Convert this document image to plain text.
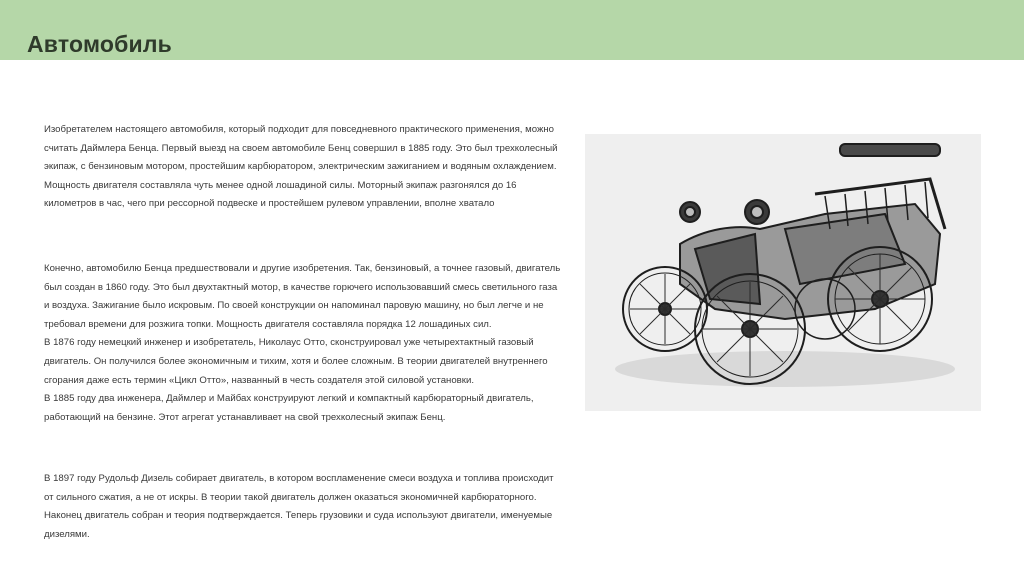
Автомобиль

Изобретателем настоящего автомобиля, который подходит для повседневного практического применения, можно считать Даймлера Бенца. Первый выезд на своем автомобиле Бенц совершил в 1885 году. Это был трехколесный экипаж, с бензиновым мотором, простейшим карбюратором, электрическим зажиганием и водяным охлаждением. Мощность двигателя составляла чуть менее одной лошадиной силы. Моторный экипаж разгонялся до 16 километров в час, чего при рессорной подвеске и простейшем рулевом управлении, вполне хватало

Конечно, автомобилю Бенца предшествовали и другие изобретения. Так, бензиновый, а точнее газовый, двигатель был создан в 1860 году. Это был двухтактный мотор, в качестве горючего использовавший смесь светильного газа и воздуха. Зажигание было искровым. По своей конструкции он напоминал паровую машину, но был легче и не требовал времени для розжига топки. Мощность двигателя составляла порядка 12 лошадиных сил.

В 1876 году немецкий инженер и изобретатель, Николаус Отто, сконструировал уже четырехтактный газовый двигатель. Он получился более экономичным и тихим, хотя и более сложным. В теории двигателей внутреннего сгорания даже есть термин «Цикл Отто», названный в честь создателя этой силовой установки.

В 1885 году два инженера, Даймлер и Майбах конструируют легкий и компактный карбюраторный двигатель, работающий на бензине. Этот агрегат устанавливает на свой трехколесный экипаж Бенц.

В 1897 году Рудольф Дизель собирает двигатель, в котором воспламенение смеси воздуха и топлива происходит от сильного сжатия, а не от искры. В теории такой двигатель должен оказаться экономичней карбюраторного. Наконец двигатель собран и теория подтверждается. Теперь грузовики и суда используют двигатели, именуемые дизелями.
